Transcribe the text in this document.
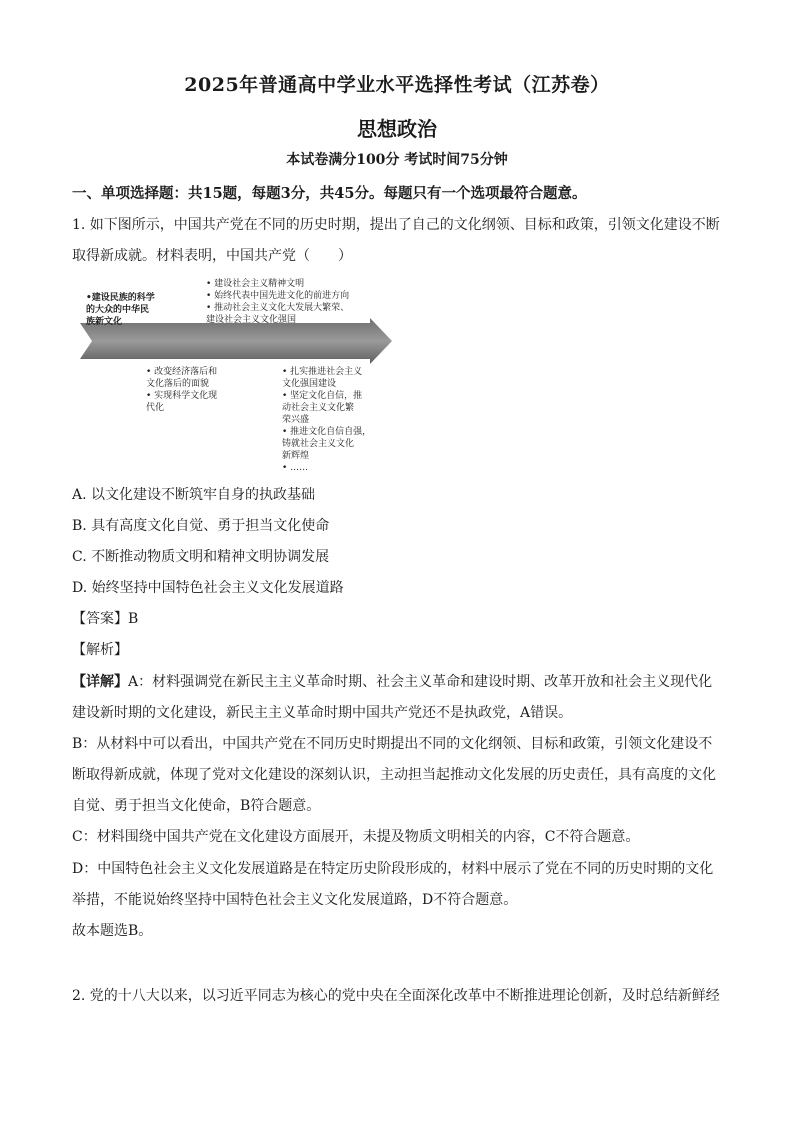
2025年普通高中学业水平选择性考试（江苏卷）
思想政治
本试卷满分100分 考试时间75分钟
一、单项选择题：共15题，每题3分，共45分。每题只有一个选项最符合题意。
1. 如下图所示，中国共产党在不同的历史时期，提出了自己的文化纲领、目标和政策，引领文化建设不断
取得新成就。材料表明，中国共产党（　　）
•建设民族的科学
的大众的中华民
族新文化
• 建设社会主义精神文明
• 始终代表中国先进文化的前进方向
• 推动社会主义文化大发展大繁荣、
建设社会主义文化强国
• 改变经济落后和
文化落后的面貌
• 实现科学文化现
代化
• 扎实推进社会主义
文化强国建设
• 坚定文化自信，推
动社会主义文化繁
荣兴盛
• 推进文化自信自强，
铸就社会主义文化
新辉煌
• ……
A. 以文化建设不断筑牢自身的执政基础
B. 具有高度文化自觉、勇于担当文化使命
C. 不断推动物质文明和精神文明协调发展
D. 始终坚持中国特色社会主义文化发展道路
【答案】B
【解析】
【详解】A：材料强调党在新民主主义革命时期、社会主义革命和建设时期、改革开放和社会主义现代化
建设新时期的文化建设，新民主主义革命时期中国共产党还不是执政党，A错误。
B：从材料中可以看出，中国共产党在不同历史时期提出不同的文化纲领、目标和政策，引领文化建设不
断取得新成就，体现了党对文化建设的深刻认识，主动担当起推动文化发展的历史责任，具有高度的文化
自觉、勇于担当文化使命，B符合题意。
C：材料围绕中国共产党在文化建设方面展开，未提及物质文明相关的内容，C不符合题意。
D：中国特色社会主义文化发展道路是在特定历史阶段形成的，材料中展示了党在不同的历史时期的文化
举措，不能说始终坚持中国特色社会主义文化发展道路，D不符合题意。
故本题选B。
2. 党的十八大以来，以习近平同志为核心的党中央在全面深化改革中不断推进理论创新，及时总结新鲜经
